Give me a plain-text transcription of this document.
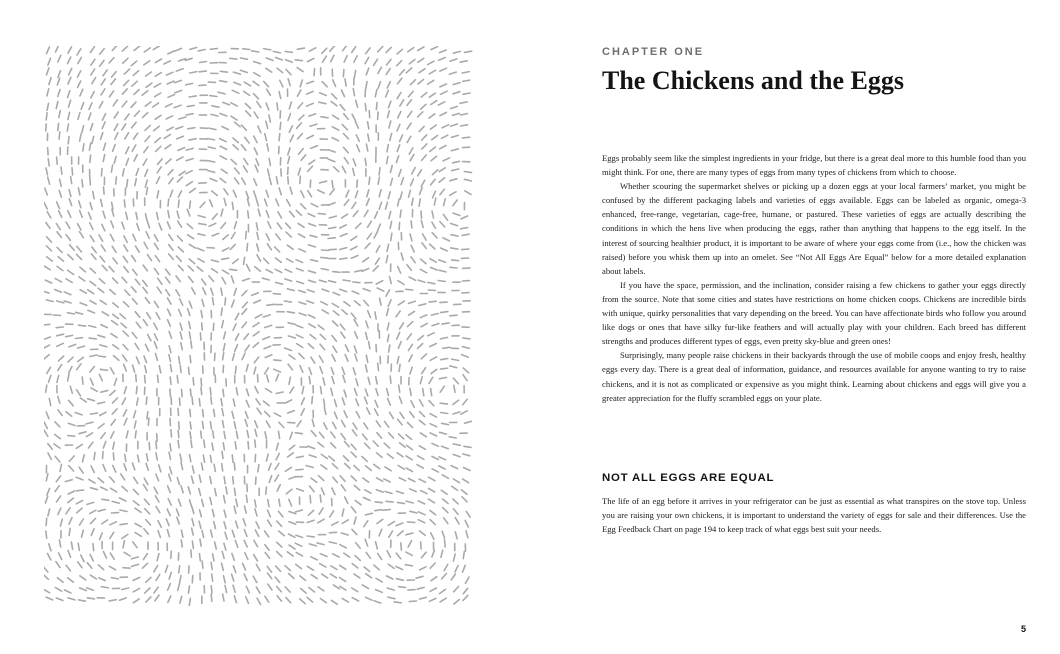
CHAPTER ONE
The Chickens and the Eggs

Eggs probably seem like the simplest ingredients in your fridge, but there is a great deal more to this humble food than you might think. For one, there are many types of eggs from many types of chickens from which to choose.

Whether scouring the supermarket shelves or picking up a dozen eggs at your local farmers’ market, you might be confused by the different packaging labels and varieties of eggs available. Eggs can be labeled as organic, omega-3 enhanced, free-range, vegetarian, cage-free, humane, or pastured. These varieties of eggs are actually describing the conditions in which the hens live when producing the eggs, rather than anything that happens to the egg itself. In the interest of sourcing healthier product, it is important to be aware of where your eggs come from (i.e., how the chicken was raised) before you whisk them up into an omelet. See “Not All Eggs Are Equal” below for a more detailed explanation about labels.

If you have the space, permission, and the inclination, consider raising a few chickens to gather your eggs directly from the source. Note that some cities and states have restrictions on home chicken coops. Chickens are incredible birds with unique, quirky personalities that vary depending on the breed. You can have affectionate birds who follow you around like dogs or ones that have silky fur-like feathers and will actually play with your children. Each breed has different strengths and produces different types of eggs, even pretty sky-blue and green ones!

Surprisingly, many people raise chickens in their backyards through the use of mobile coops and enjoy fresh, healthy eggs every day. There is a great deal of information, guidance, and resources available for anyone wanting to try to raise chickens, and it is not as complicated or expensive as you might think. Learning about chickens and eggs will give you a greater appreciation for the fluffy scrambled eggs on your plate.

NOT ALL EGGS ARE EQUAL

The life of an egg before it arrives in your refrigerator can be just as essential as what transpires on the stove top. Unless you are raising your own chickens, it is important to understand the variety of eggs for sale and their differences. Use the Egg Feedback Chart on page 194 to keep track of what eggs best suit your needs.

5
